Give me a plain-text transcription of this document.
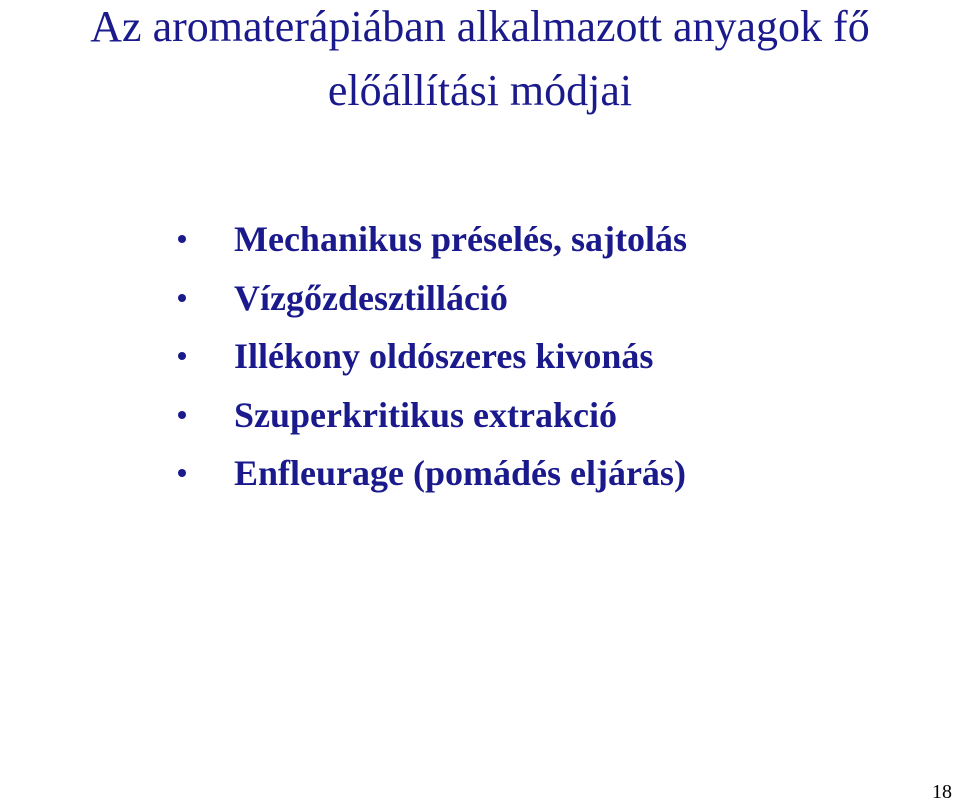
Az aromaterápiában alkalmazott anyagok fő
előállítási módjai
Mechanikus préselés, sajtolás
Vízgőzdesztilláció
Illékony oldószeres kivonás
Szuperkritikus extrakció
Enfleurage (pomádés eljárás)
18
